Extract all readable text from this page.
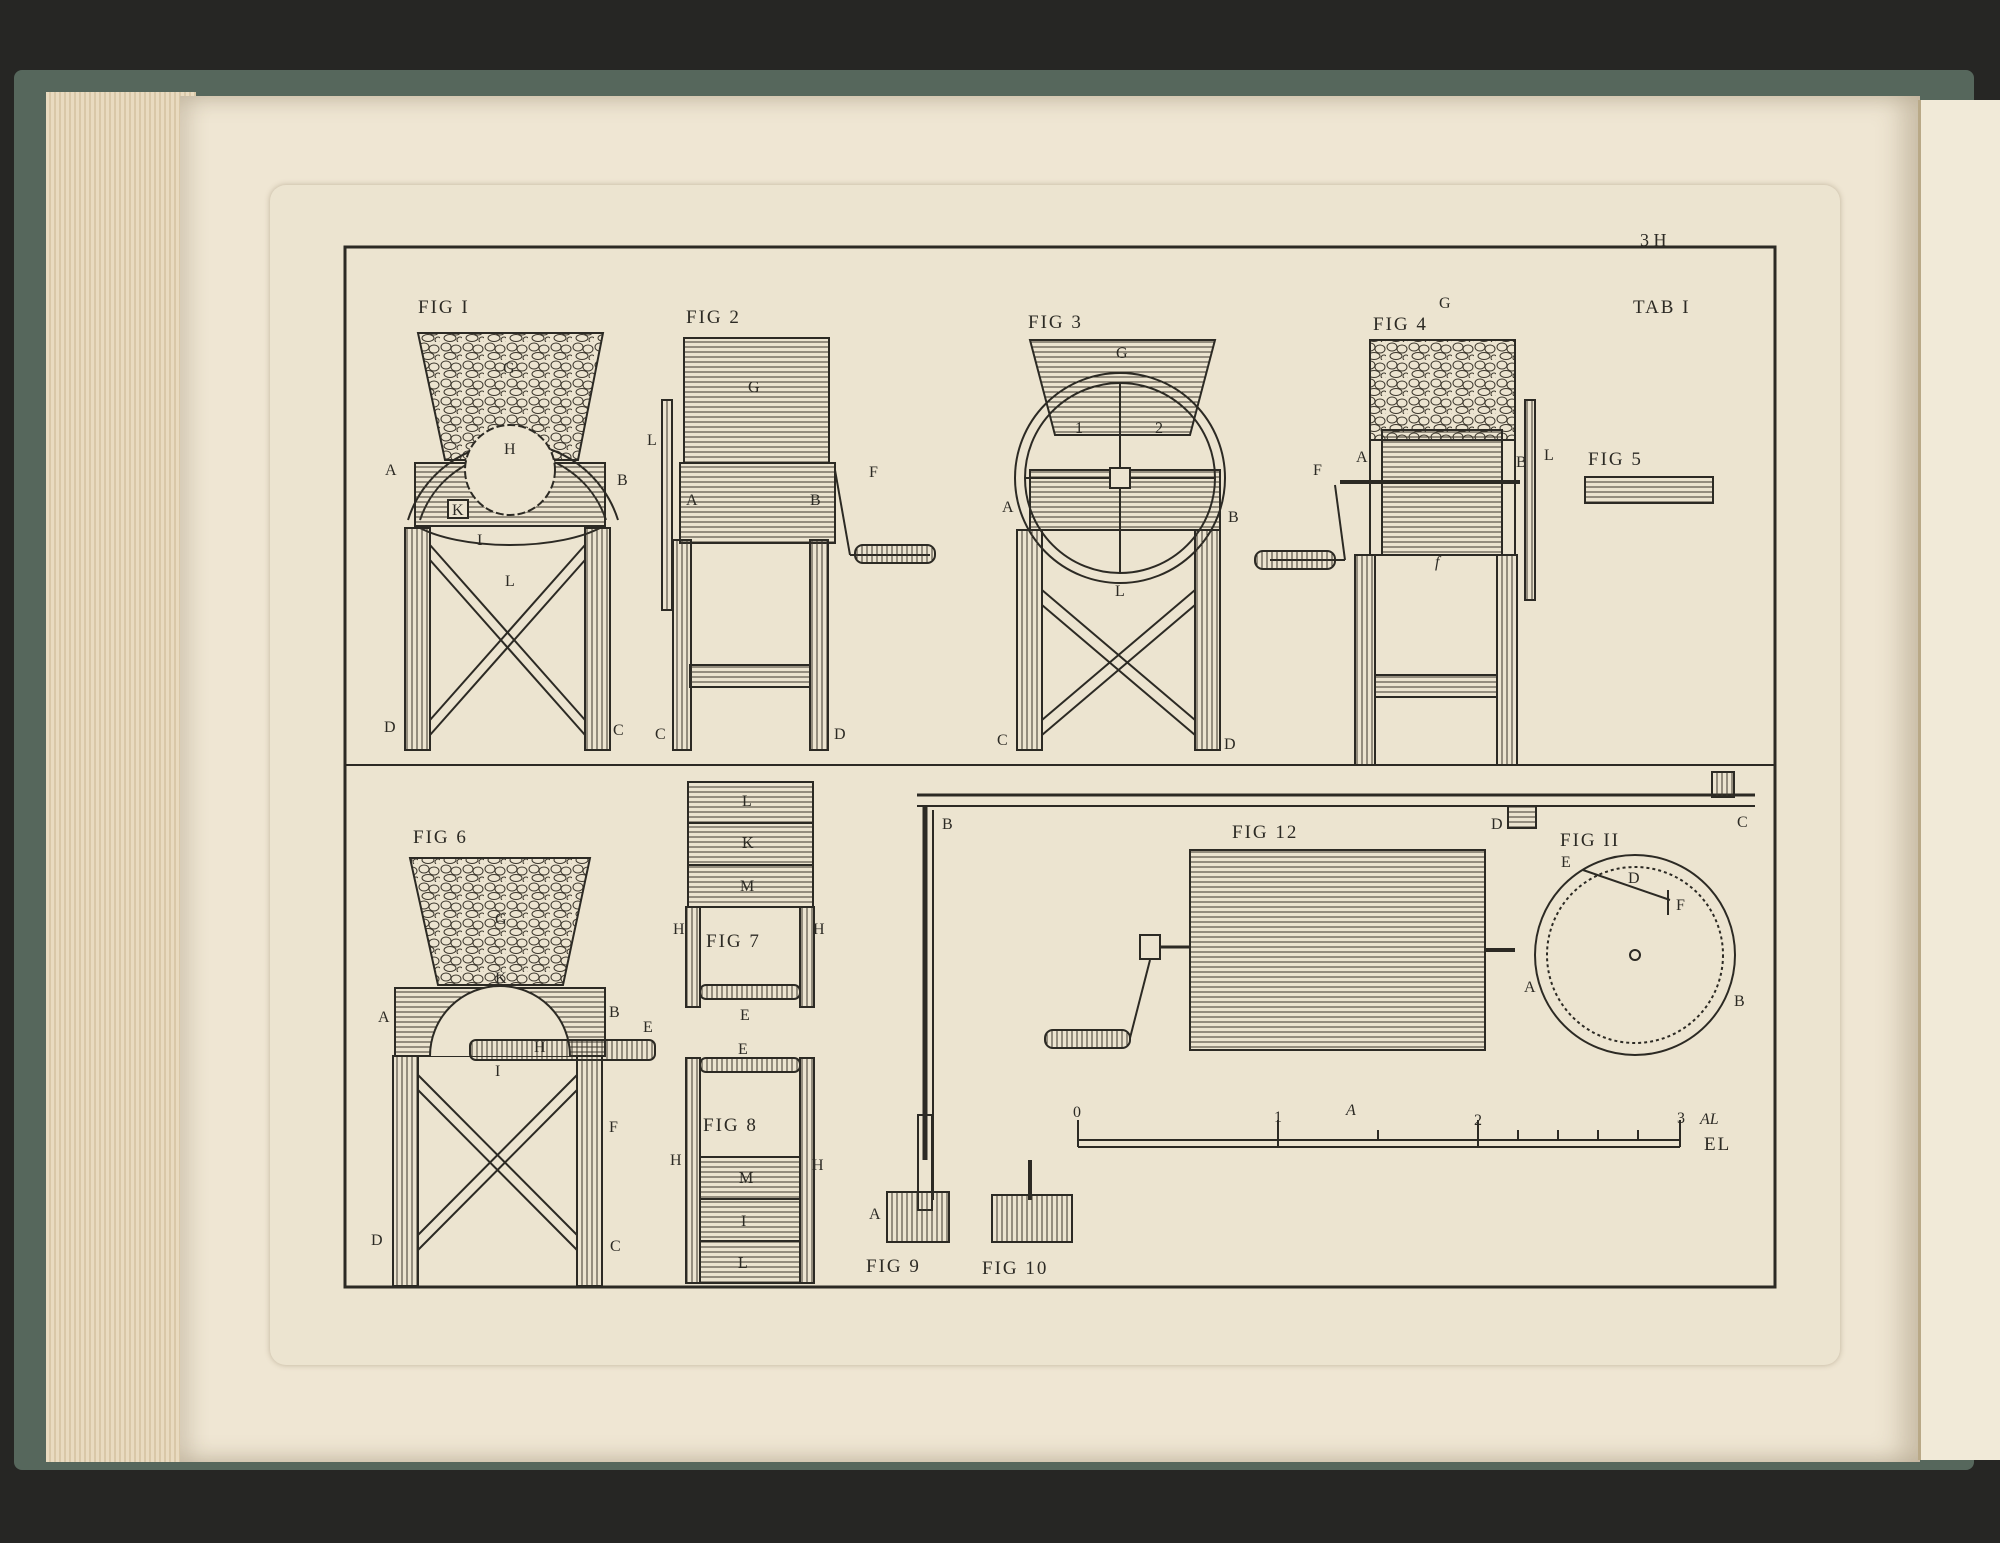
3 H
TAB I
FIG I	FIG 2	FIG 3	FIG 4
FIG 5
FIG 6
FIG 7
FIG 8
FIG 9	FIG 10
FIG II
FIG 12
G
H
A
B
K
I
L
D	C
G
L
A	B
F
C	D
G
1	2
A
B
L
C	D
G
A
F	B L
f
G
K
A	B
E
H
I
F
D	C
L
K
M
H	H
E
E
H	H
M
I
L
B
A
D	C
E
D
F
A
B
0	1	A
2	3 AL
EL
